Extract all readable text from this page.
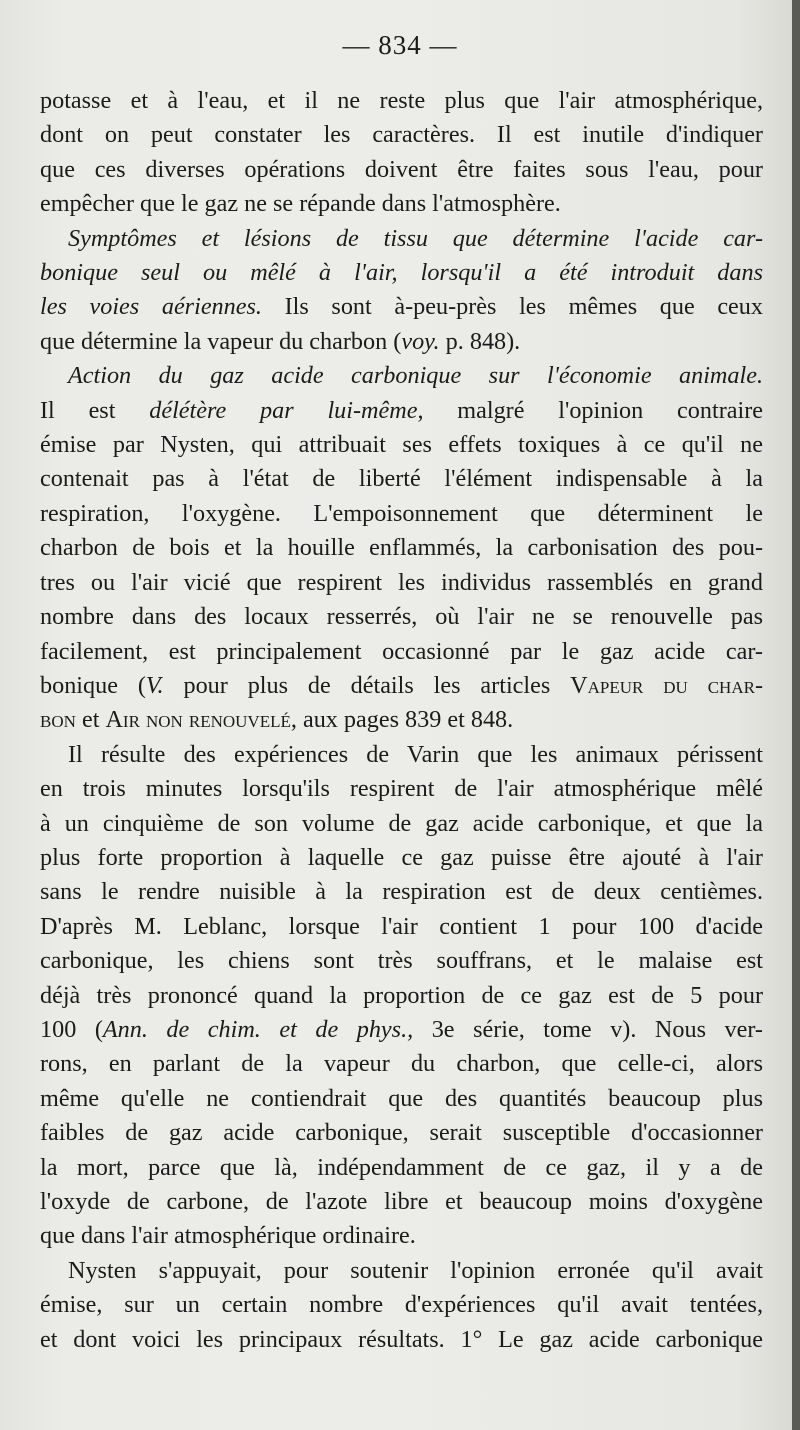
— 834 —
potasse et à l'eau, et il ne reste plus que l'air atmosphérique,
dont on peut constater les caractères. Il est inutile d'indiquer
que ces diverses opérations doivent être faites sous l'eau, pour
empêcher que le gaz ne se répande dans l'atmosphère.
Symptômes et lésions de tissu que détermine l'acide car-
bonique seul ou mêlé à l'air, lorsqu'il a été introduit dans
les voies aériennes. Ils sont à-peu-près les mêmes que ceux
que détermine la vapeur du charbon (voy. p. 848).
Action du gaz acide carbonique sur l'économie animale.
Il est délétère par lui-même, malgré l'opinion contraire
émise par Nysten, qui attribuait ses effets toxiques à ce qu'il ne
contenait pas à l'état de liberté l'élément indispensable à la
respiration, l'oxygène. L'empoisonnement que déterminent le
charbon de bois et la houille enflammés, la carbonisation des pou-
tres ou l'air vicié que respirent les individus rassemblés en grand
nombre dans des locaux resserrés, où l'air ne se renouvelle pas
facilement, est principalement occasionné par le gaz acide car-
bonique (V. pour plus de détails les articles Vapeur du char-
bon et Air non renouvelé, aux pages 839 et 848.
Il résulte des expériences de Varin que les animaux périssent
en trois minutes lorsqu'ils respirent de l'air atmosphérique mêlé
à un cinquième de son volume de gaz acide carbonique, et que la
plus forte proportion à laquelle ce gaz puisse être ajouté à l'air
sans le rendre nuisible à la respiration est de deux centièmes.
D'après M. Leblanc, lorsque l'air contient 1 pour 100 d'acide
carbonique, les chiens sont très souffrans, et le malaise est
déjà très prononcé quand la proportion de ce gaz est de 5 pour
100 (Ann. de chim. et de phys., 3e série, tome v). Nous ver-
rons, en parlant de la vapeur du charbon, que celle-ci, alors
même qu'elle ne contiendrait que des quantités beaucoup plus
faibles de gaz acide carbonique, serait susceptible d'occasionner
la mort, parce que là, indépendamment de ce gaz, il y a de
l'oxyde de carbone, de l'azote libre et beaucoup moins d'oxygène
que dans l'air atmosphérique ordinaire.
Nysten s'appuyait, pour soutenir l'opinion erronée qu'il avait
émise, sur un certain nombre d'expériences qu'il avait tentées,
et dont voici les principaux résultats. 1° Le gaz acide carbonique
